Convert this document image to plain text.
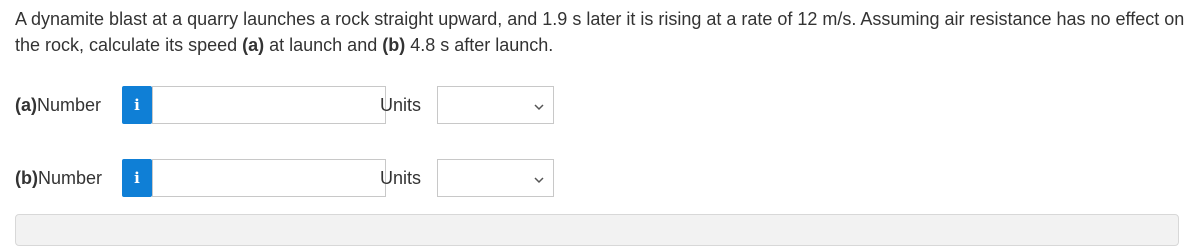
A dynamite blast at a quarry launches a rock straight upward, and 1.9 s later it is rising at a rate of 12 m/s. Assuming air resistance has no effect on the rock, calculate its speed (a) at launch and (b) 4.8 s after launch.
(a)Number	i	Units
(b)Number	i	Units
